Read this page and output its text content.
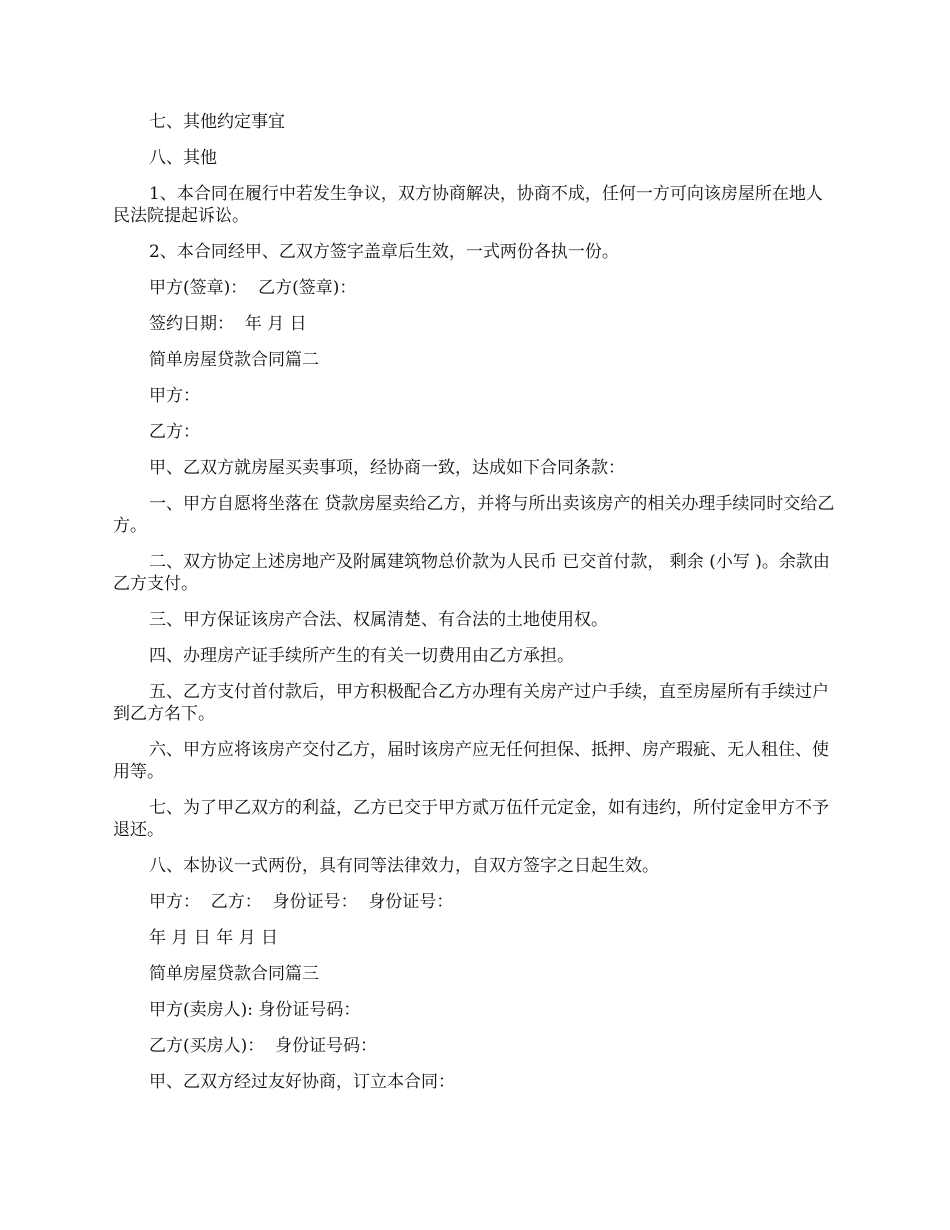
七、其他约定事宜

八、其他

1、本合同在履行中若发生争议，双方协商解决，协商不成，任何一方可向该房屋所在地人民法院提起诉讼。

2、本合同经甲、乙双方签字盖章后生效，一式两份各执一份。

甲方(签章)：  乙方(签章)：

签约日期：  年 月 日

简单房屋贷款合同篇二

甲方：

乙方：

甲、乙双方就房屋买卖事项，经协商一致，达成如下合同条款：

一、甲方自愿将坐落在 贷款房屋卖给乙方，并将与所出卖该房产的相关办理手续同时交给乙方。

二、双方协定上述房地产及附属建筑物总价款为人民币 已交首付款， 剩余 (小写 )。余款由乙方支付。

三、甲方保证该房产合法、权属清楚、有合法的土地使用权。

四、办理房产证手续所产生的有关一切费用由乙方承担。

五、乙方支付首付款后，甲方积极配合乙方办理有关房产过户手续，直至房屋所有手续过户到乙方名下。

六、甲方应将该房产交付乙方，届时该房产应无任何担保、抵押、房产瑕疵、无人租住、使用等。

七、为了甲乙双方的利益，乙方已交于甲方贰万伍仟元定金，如有违约，所付定金甲方不予退还。

八、本协议一式两份，具有同等法律效力，自双方签字之日起生效。

甲方：  乙方：  身份证号：  身份证号：

年 月 日 年 月 日

简单房屋贷款合同篇三

甲方(卖房人): 身份证号码：

乙方(买房人)：  身份证号码：

甲、乙双方经过友好协商，订立本合同：
